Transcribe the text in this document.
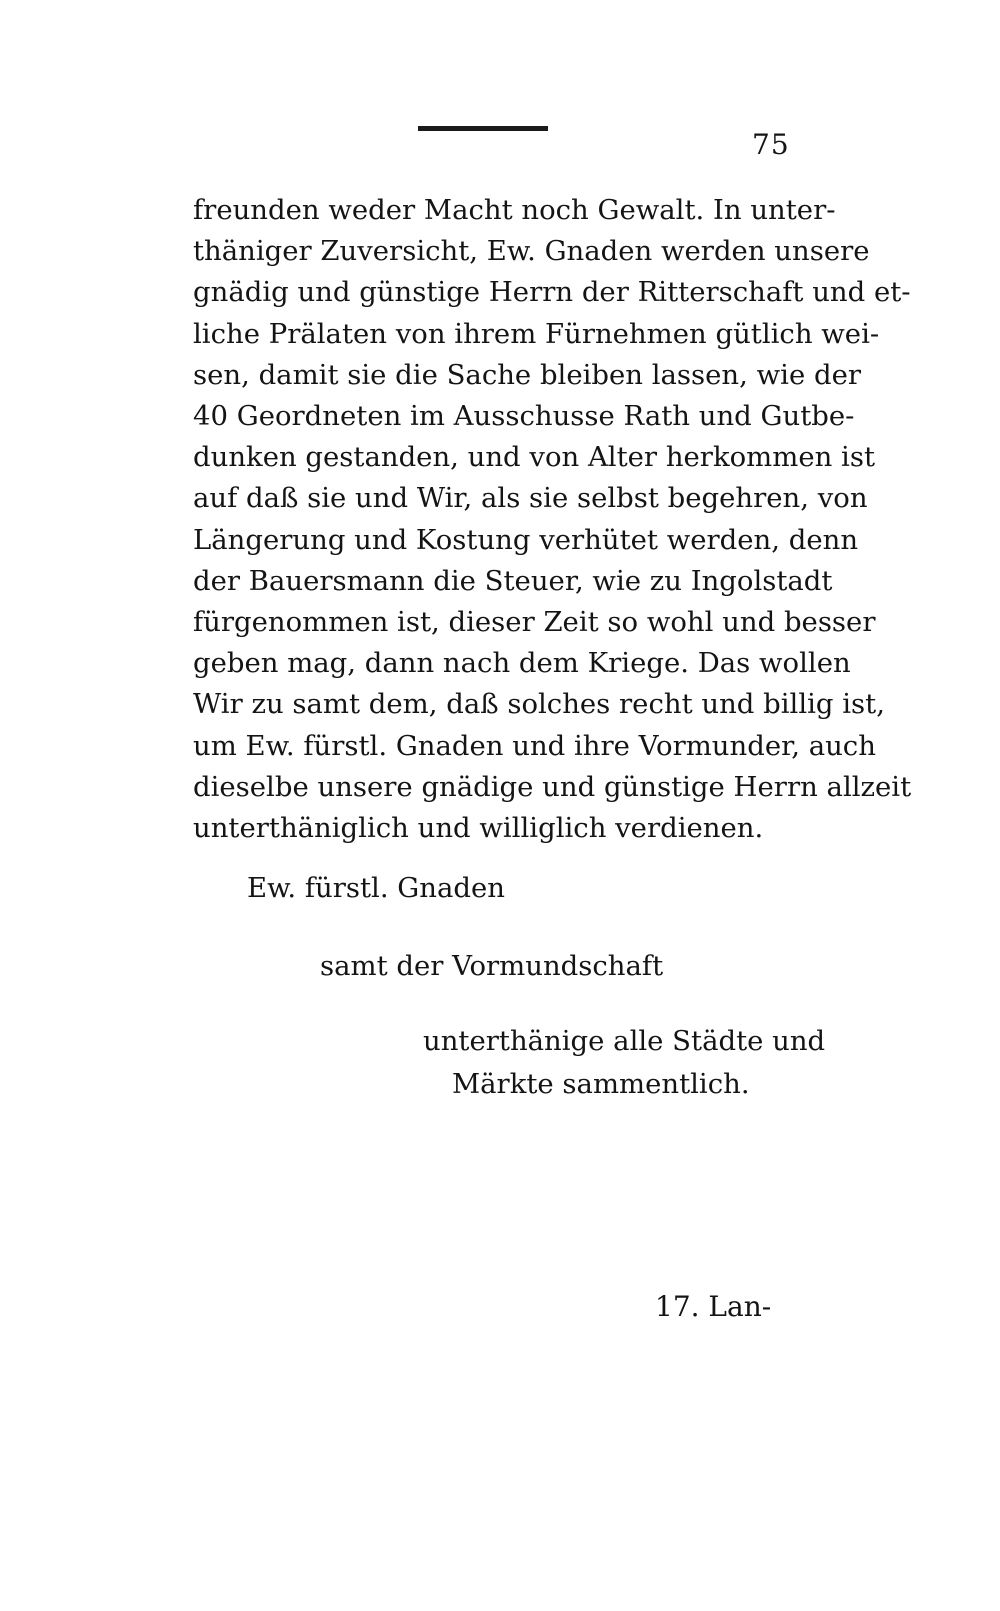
75
freunden weder Macht noch Gewalt. In unter-
thäniger Zuversicht, Ew. Gnaden werden unsere
gnädig und günstige Herrn der Ritterschaft und et-
liche Prälaten von ihrem Fürnehmen gütlich wei-
sen, damit sie die Sache bleiben lassen, wie der
40 Geordneten im Ausschusse Rath und Gutbe-
dunken gestanden, und von Alter herkommen ist
auf daß sie und Wir, als sie selbst begehren, von
Längerung und Kostung verhütet werden, denn
der Bauersmann die Steuer, wie zu Ingolstadt
fürgenommen ist, dieser Zeit so wohl und besser
geben mag, dann nach dem Kriege. Das wollen
Wir zu samt dem, daß solches recht und billig ist,
um Ew. fürstl. Gnaden und ihre Vormunder, auch
dieselbe unsere gnädige und günstige Herrn allzeit
unterthäniglich und williglich verdienen.
Ew. fürstl. Gnaden
samt der Vormundschaft
unterthänige alle Städte und
Märkte sammentlich.
17. Lan-
